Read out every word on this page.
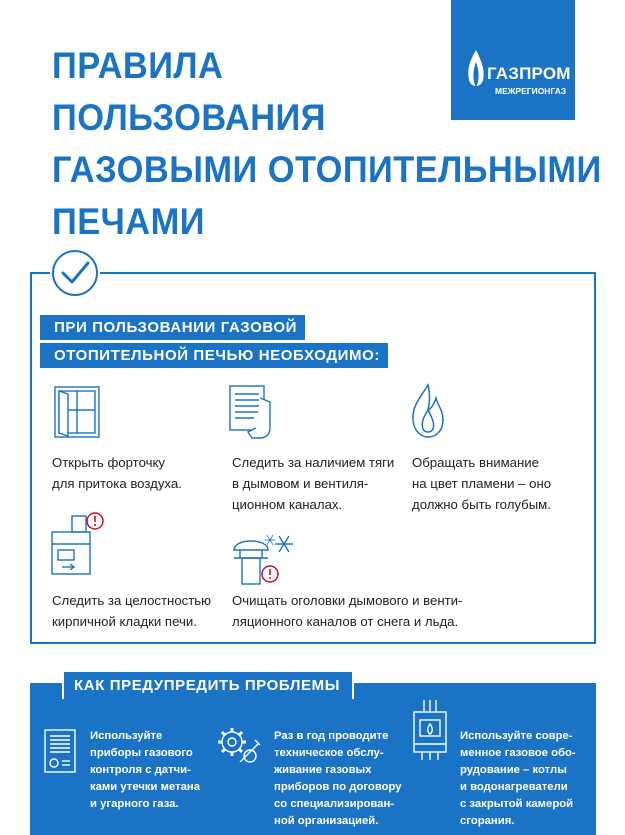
ПРАВИЛА
ПОЛЬЗОВАНИЯ
ГАЗОВЫМИ ОТОПИТЕЛЬНЫМИ
ПЕЧАМИ
ГАЗПРОМ
МЕЖРЕГИОНГАЗ
ПРИ ПОЛЬЗОВАНИИ ГАЗОВОЙ
ОТОПИТЕЛЬНОЙ ПЕЧЬЮ НЕОБХОДИМО:
Открыть форточку
для притока воздуха.
Следить за наличием тяги
в дымовом и вентиля-
ционном каналах.
Обращать внимание
на цвет пламени – оно
должно быть голубым.
Следить за целостностью
кирпичной кладки печи.
Очищать оголовки дымового и венти-
ляционного каналов от снега и льда.
КАК ПРЕДУПРЕДИТЬ ПРОБЛЕМЫ
Используйте
приборы газового
контроля с датчи-
ками утечки метана
и угарного газа.
Раз в год проводите
техническое обслу-
живание газовых
приборов по договору
со специализирован-
ной организацией.
Используйте совре-
менное газовое обо-
рудование – котлы
и водонагреватели
с закрытой камерой
сгорания.
